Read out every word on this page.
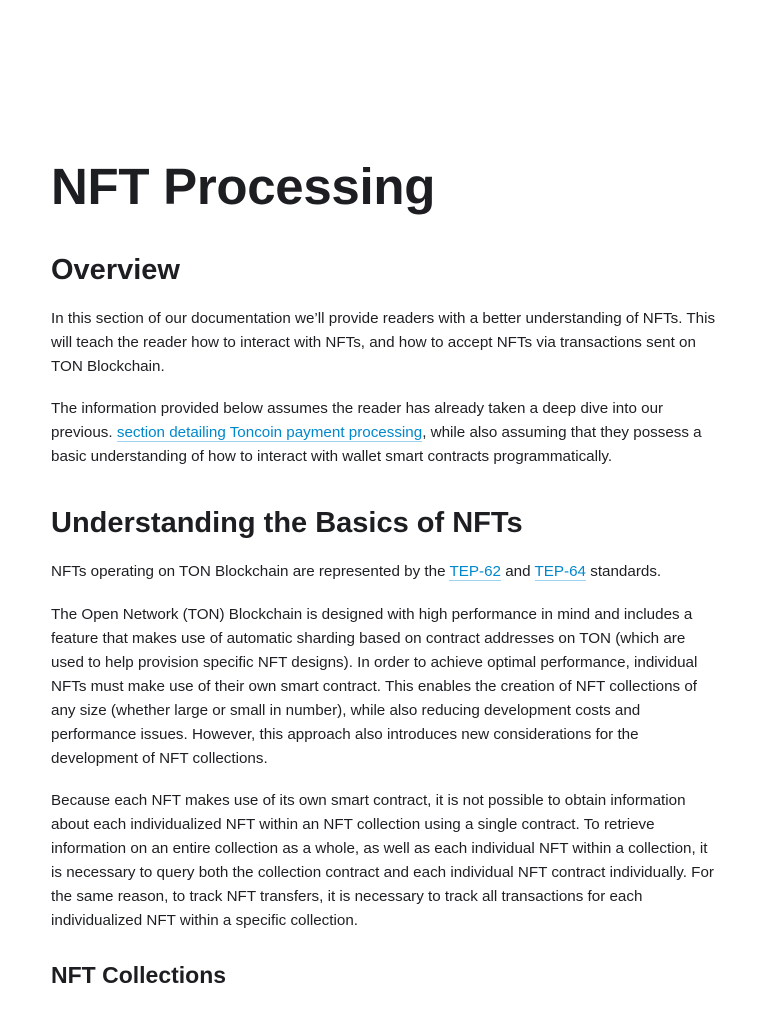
NFT Processing
Overview

In this section of our documentation we’ll provide readers with a better understanding of NFTs. This will teach the reader how to interact with NFTs, and how to accept NFTs via transactions sent on TON Blockchain.

The information provided below assumes the reader has already taken a deep dive into our previous. section detailing Toncoin payment processing, while also assuming that they possess a basic understanding of how to interact with wallet smart contracts programmatically.

Understanding the Basics of NFTs

NFTs operating on TON Blockchain are represented by the TEP-62 and TEP-64 standards.

The Open Network (TON) Blockchain is designed with high performance in mind and includes a feature that makes use of automatic sharding based on contract addresses on TON (which are used to help provision specific NFT designs). In order to achieve optimal performance, individual NFTs must make use of their own smart contract. This enables the creation of NFT collections of any size (whether large or small in number), while also reducing development costs and performance issues. However, this approach also introduces new considerations for the development of NFT collections.

Because each NFT makes use of its own smart contract, it is not possible to obtain information about each individualized NFT within an NFT collection using a single contract. To retrieve information on an entire collection as a whole, as well as each individual NFT within a collection, it is necessary to query both the collection contract and each individual NFT contract individually. For the same reason, to track NFT transfers, it is necessary to track all transactions for each individualized NFT within a specific collection.

NFT Collections
